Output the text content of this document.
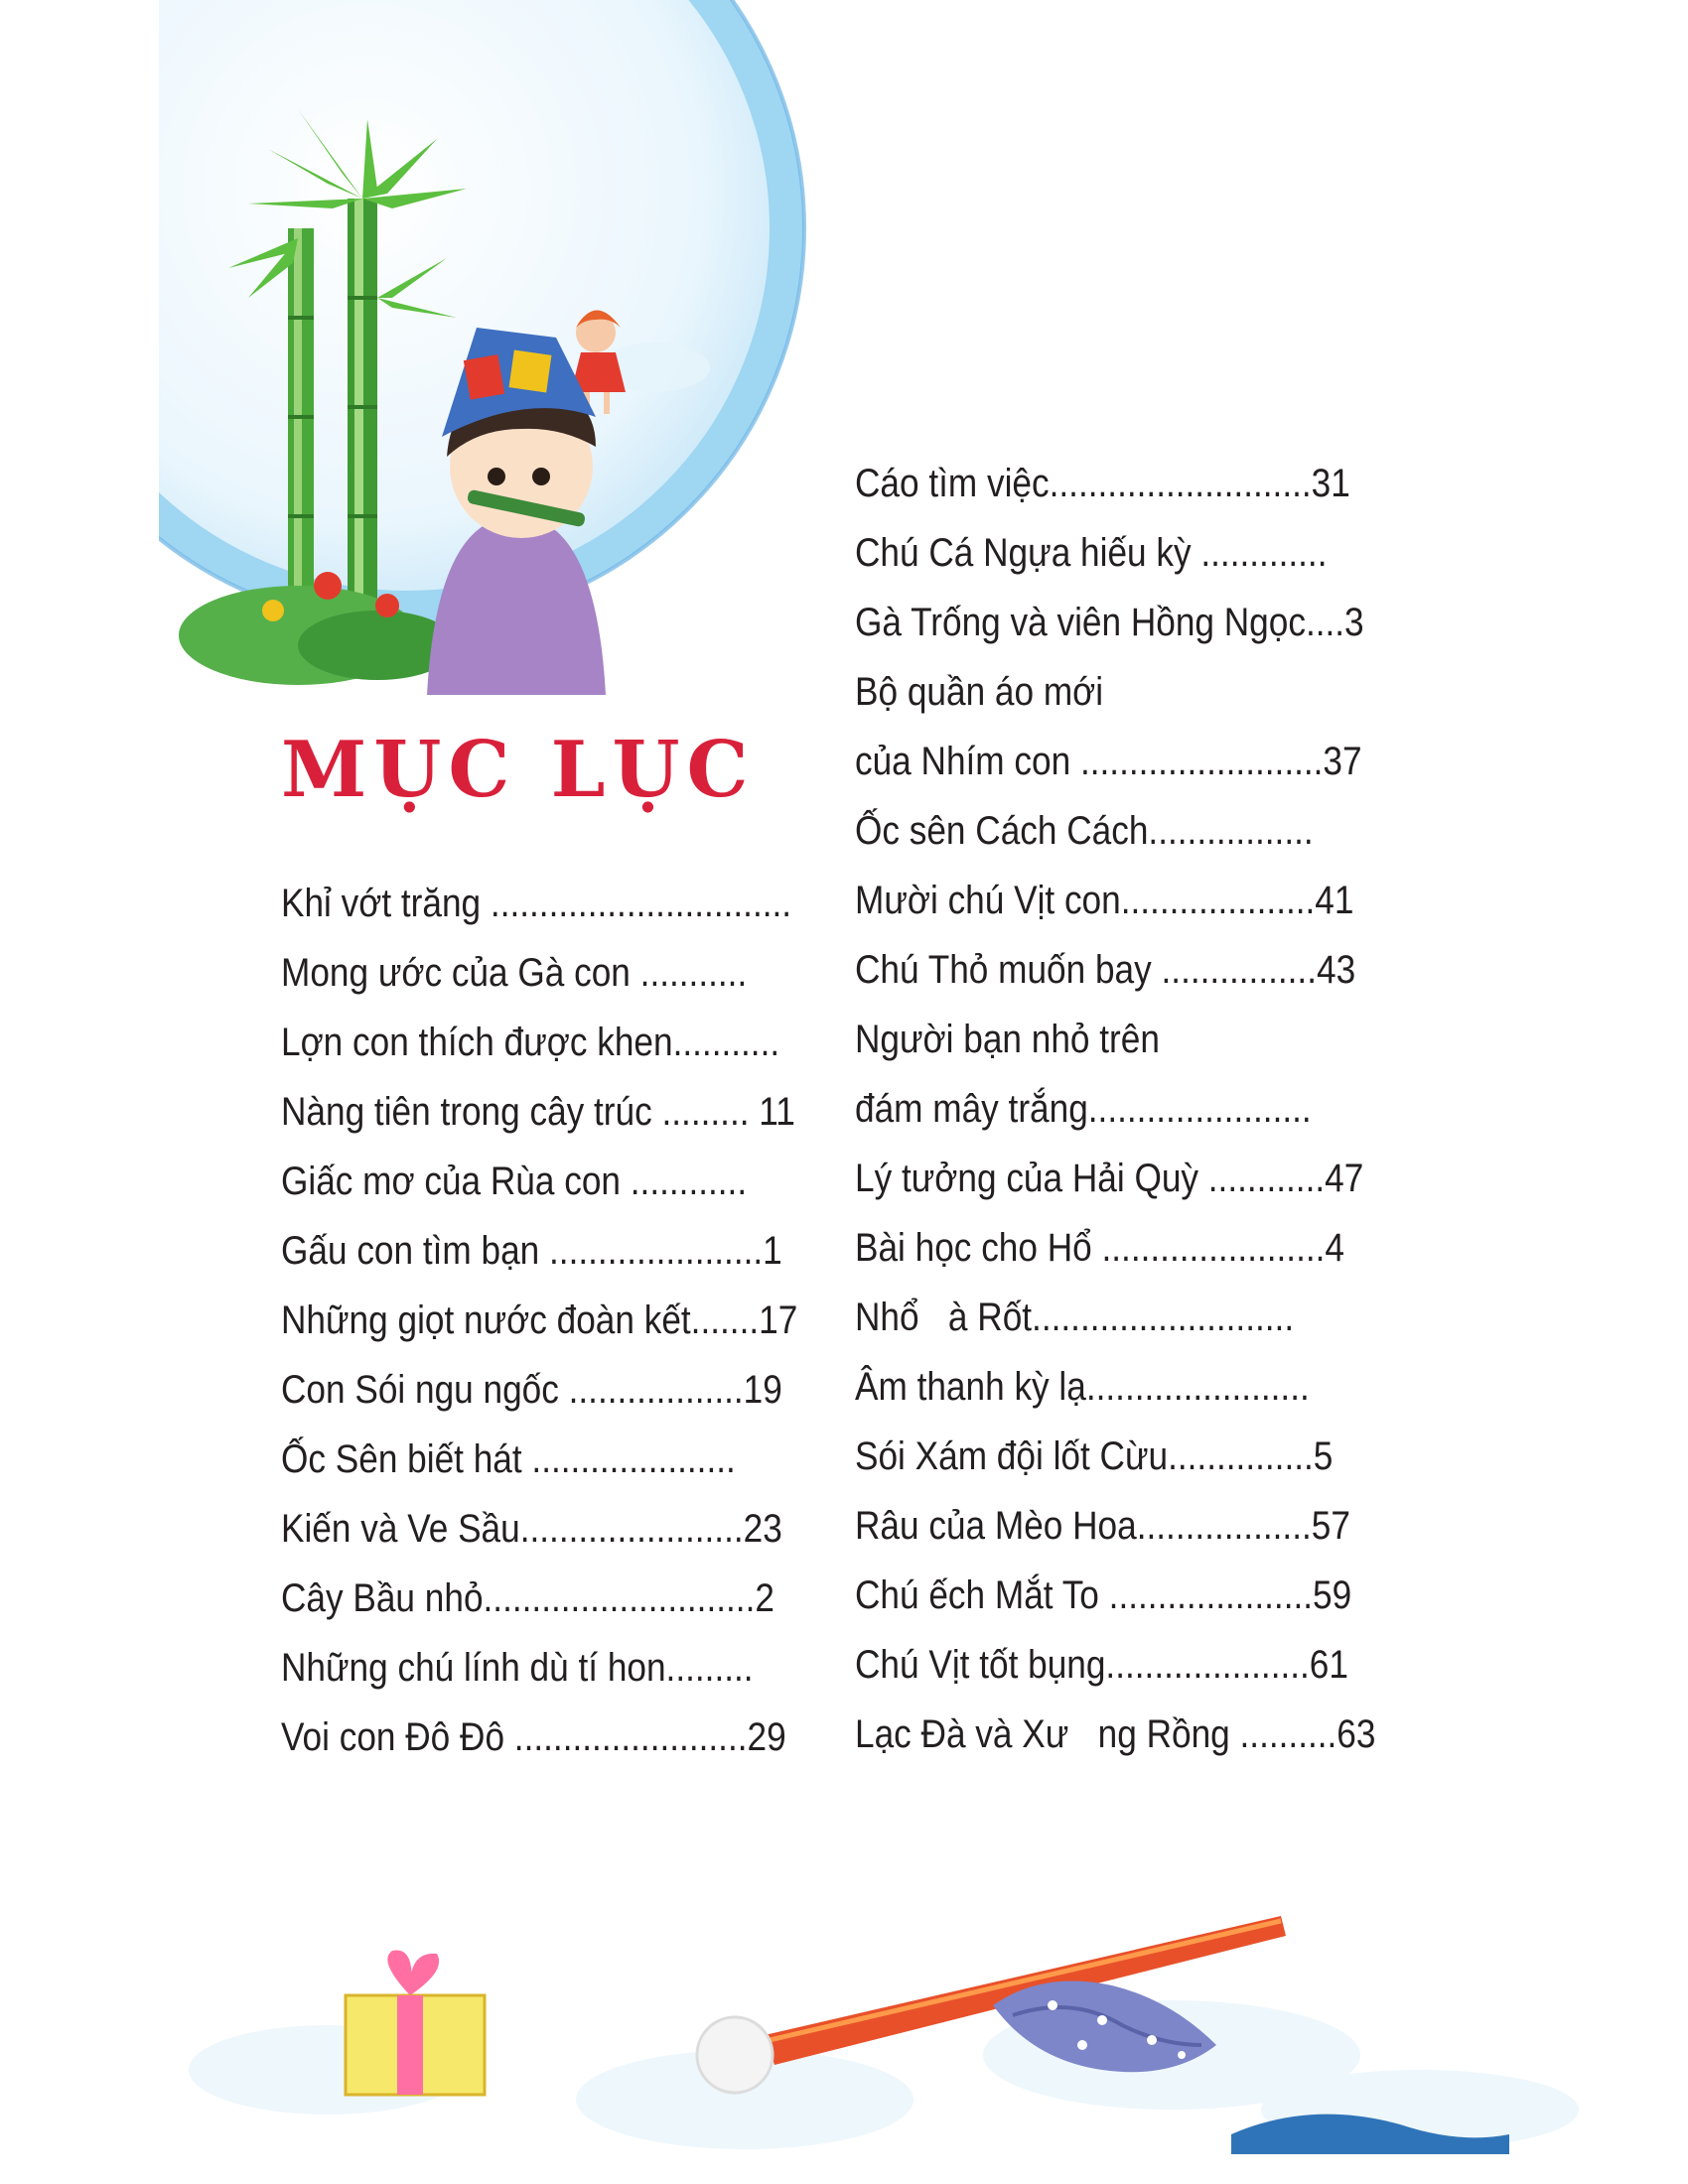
MỤC LỤC
Khỉ vớt trăng ...............................
Mong ước của Gà con ...........
Lợn con thích được khen...........
Nàng tiên trong cây trúc ......... 11
Giấc mơ của Rùa con ............
Gấu con tìm bạn ......................1
Những giọt nước đoàn kết.......17
Con Sói ngu ngốc ..................19
Ốc Sên biết hát .....................
Kiến và Ve Sầu.......................23
Cây Bầu nhỏ............................2
Những chú lính dù tí hon.........
Voi con Đô Đô ........................29
Cáo tìm việc...........................31
Chú Cá Ngựa hiếu kỳ .............
Gà Trống và viên Hồng Ngọc....3
Bộ quần áo mới
của Nhím con .........................37
Ốc sên Cách Cách.................
Mười chú Vịt con....................41
Chú Thỏ muốn bay ................43
Người bạn nhỏ trên
đám mây trắng.......................
Lý tưởng của Hải Quỳ ............47
Bài học cho Hổ .......................4
Nhổ   à Rốt...........................
Âm thanh kỳ lạ.......................
Sói Xám đội lốt Cừu...............5
Râu của Mèo Hoa..................57
Chú ếch Mắt To .....................59
Chú Vịt tốt bụng.....................61
Lạc Đà và Xư   ng Rồng ..........63
